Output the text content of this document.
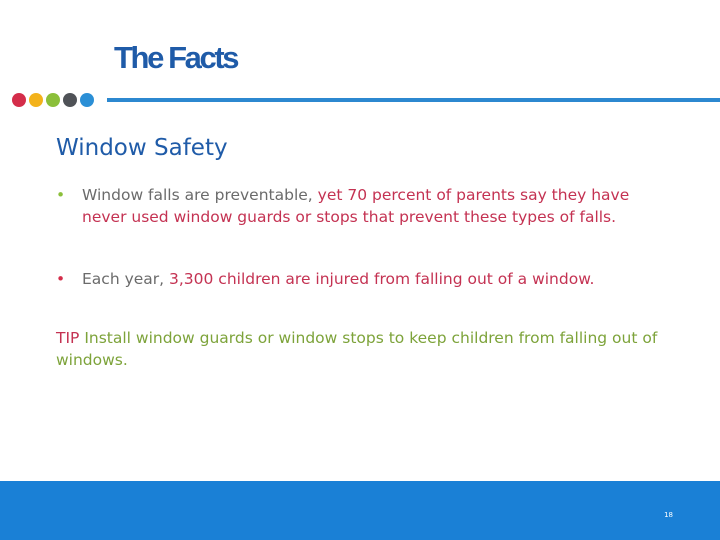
The Facts
Window Safety
• Window falls are preventable, yet 70 percent of parents say they have never used window guards or stops that prevent these types of falls.
• Each year, 3,300 children are injured from falling out of a window.
TIP Install window guards or window stops to keep children from falling out of windows.
18
